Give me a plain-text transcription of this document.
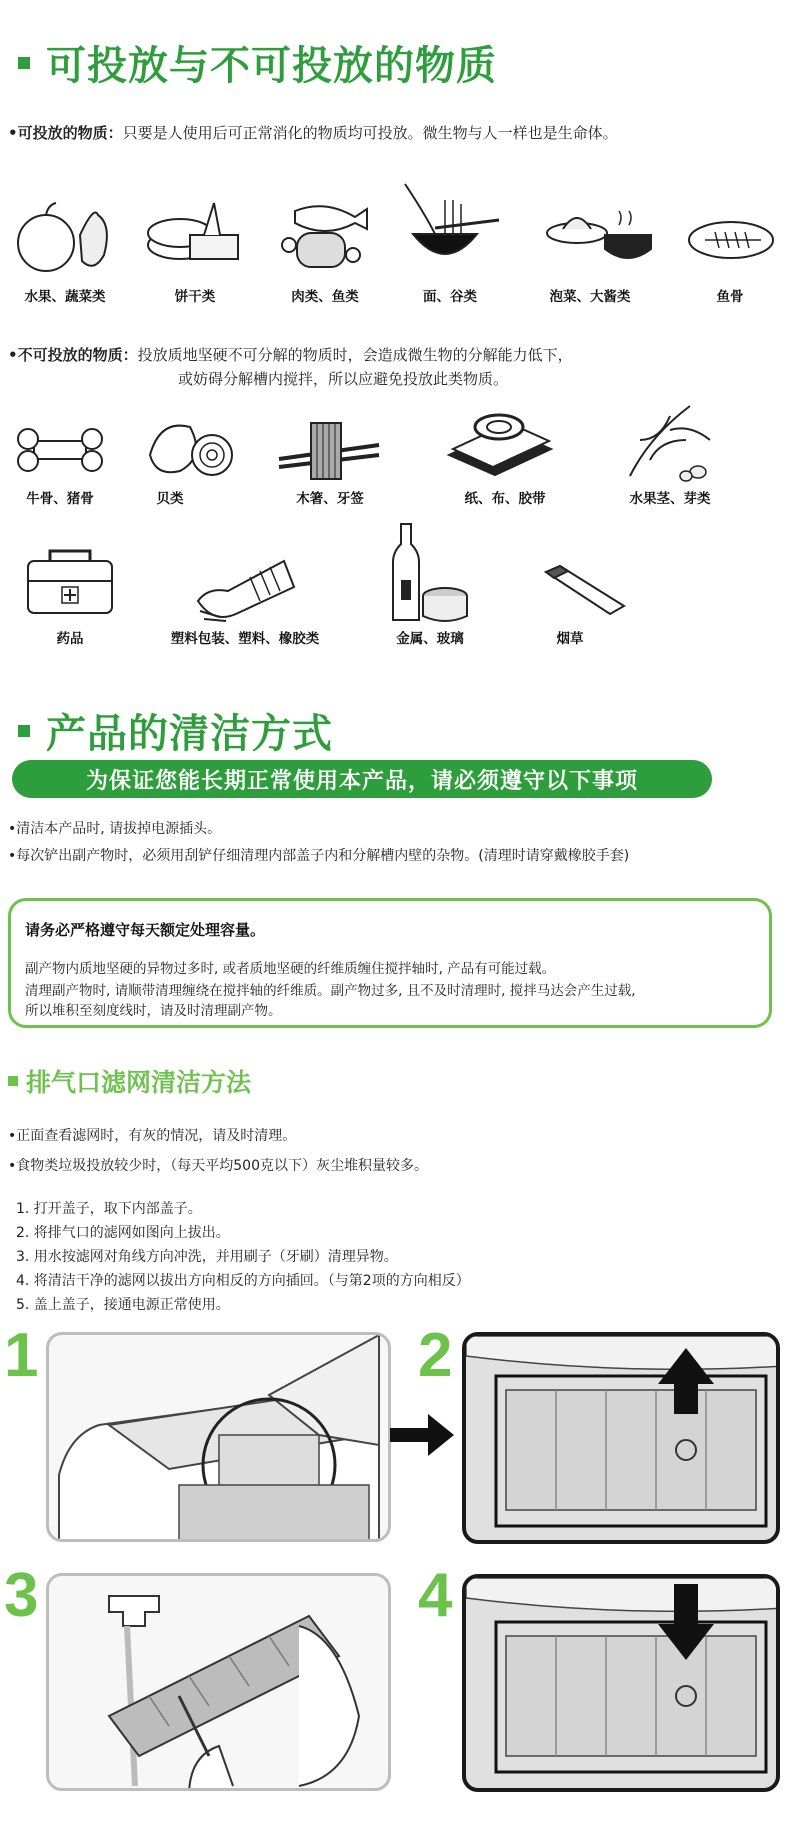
可投放与不可投放的物质
•可投放的物质：只要是人使用后可正常消化的物质均可投放。微生物与人一样也是生命体。
水果、蔬菜类	饼干类	肉类、鱼类	面、谷类	泡菜、大酱类	鱼骨
•不可投放的物质：投放质地坚硬不可分解的物质时，会造成微生物的分解能力低下，
或妨碍分解槽内搅拌，所以应避免投放此类物质。
牛骨、猪骨	贝类	木箸、牙签	纸、布、胶带	水果茎、芽类
药品	塑料包装、塑料、橡胶类	金属、玻璃	烟草
产品的清洁方式
为保证您能长期正常使用本产品，请必须遵守以下事项
•清洁本产品时, 请拔掉电源插头。
•每次铲出副产物时，必须用刮铲仔细清理内部盖子内和分解槽内壁的杂物。(清理时请穿戴橡胶手套)
请务必严格遵守每天额定处理容量。
副产物内质地坚硬的异物过多时, 或者质地坚硬的纤维质缠住搅拌轴时, 产品有可能过载。
清理副产物时, 请顺带清理缠绕在搅拌轴的纤维质。副产物过多, 且不及时清理时, 搅拌马达会产生过载,
所以堆积至刻度线时，请及时清理副产物。
排气口滤网清洁方法
•正面查看滤网时，有灰的情况，请及时清理。
•食物类垃圾投放较少时，（每天平均500克以下）灰尘堆积量较多。
1. 打开盖子，取下内部盖子。
2. 将排气口的滤网如图向上拔出。
3. 用水按滤网对角线方向冲洗，并用刷子（牙刷）清理异物。
4. 将清洁干净的滤网以拔出方向相反的方向插回。（与第2项的方向相反）
5. 盖上盖子，接通电源正常使用。
1	2
3	4
